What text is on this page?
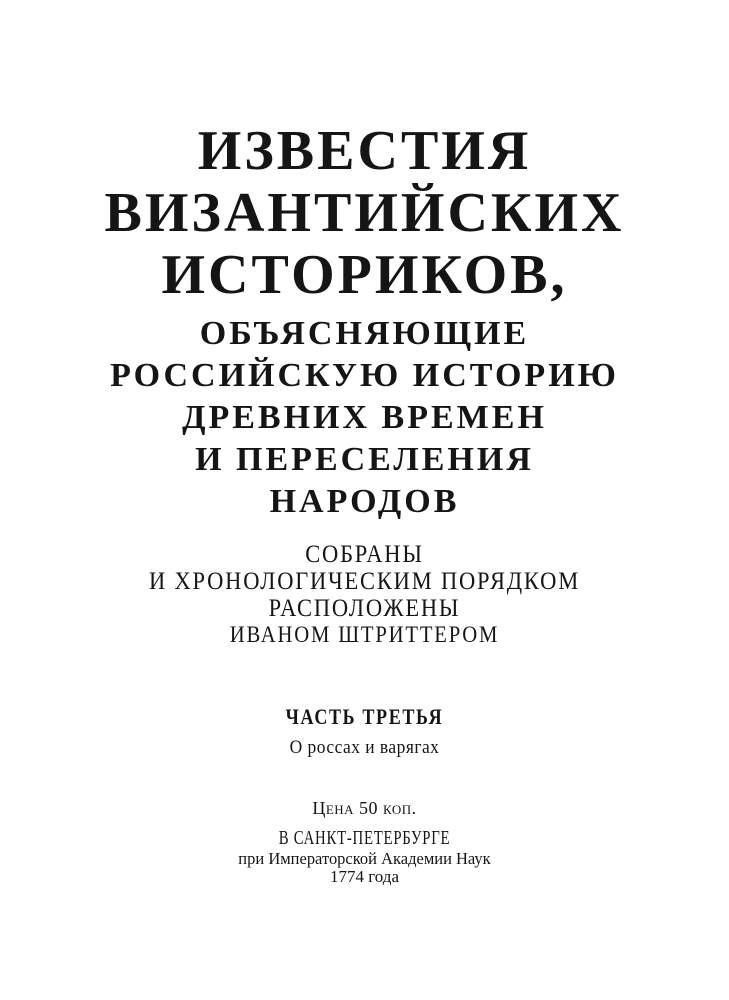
ИЗВЕСТИЯ
ВИЗАНТИЙСКИХ
ИСТОРИКОВ,
ОБЪЯСНЯЮЩИЕ
РОССИЙСКУЮ ИСТОРИЮ
ДРЕВНИХ ВРЕМЕН
И ПЕРЕСЕЛЕНИЯ
НАРОДОВ
СОБРАНЫ
И ХРОНОЛОГИЧЕСКИМ ПОРЯДКОМ
РАСПОЛОЖЕНЫ
ИВАНОМ ШТРИТТЕРОМ
ЧАСТЬ ТРЕТЬЯ
О россах и варягах
Цена 50 коп.
В САНКТ-ПЕТЕРБУРГЕ
при Императорской Академии Наук
1774 года
